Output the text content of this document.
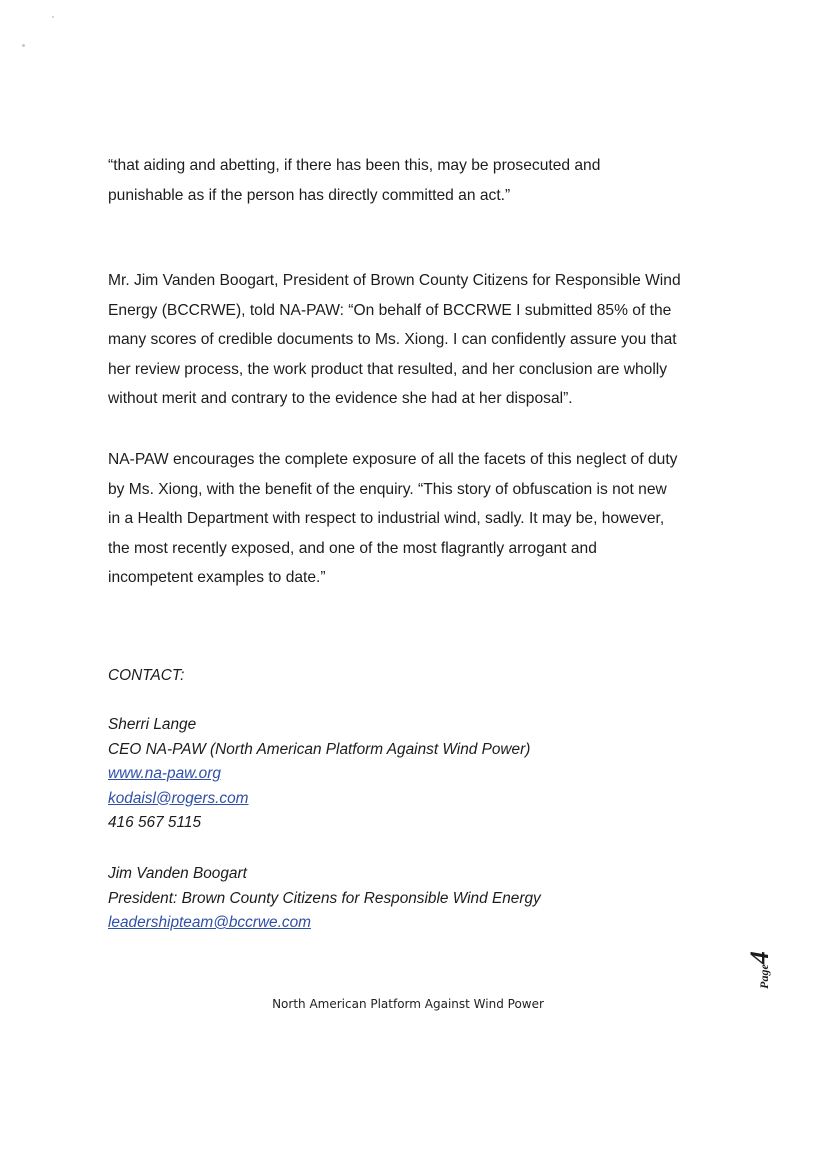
“that aiding and abetting, if there has been this, may be prosecuted and
punishable as if the person has directly committed an act.”

Mr. Jim Vanden Boogart, President of Brown County Citizens for Responsible Wind
Energy (BCCRWE), told NA-PAW: “On behalf of BCCRWE I submitted 85% of the
many scores of credible documents to Ms. Xiong. I can confidently assure you that
her review process, the work product that resulted, and her conclusion are wholly
without merit and contrary to the evidence she had at her disposal”.

NA-PAW encourages the complete exposure of all the facets of this neglect of duty
by Ms. Xiong, with the benefit of the enquiry. “This story of obfuscation is not new
in a Health Department with respect to industrial wind, sadly. It may be, however,
the most recently exposed, and one of the most flagrantly arrogant and
incompetent examples to date.”

CONTACT:
Sherri Lange
CEO NA-PAW (North American Platform Against Wind Power)
www.na-paw.org
kodaisl@rogers.com
416 567 5115
Jim Vanden Boogart
President: Brown County Citizens for Responsible Wind Energy
leadershipteam@bccrwe.com
Page
4
North American Platform Against Wind Power
